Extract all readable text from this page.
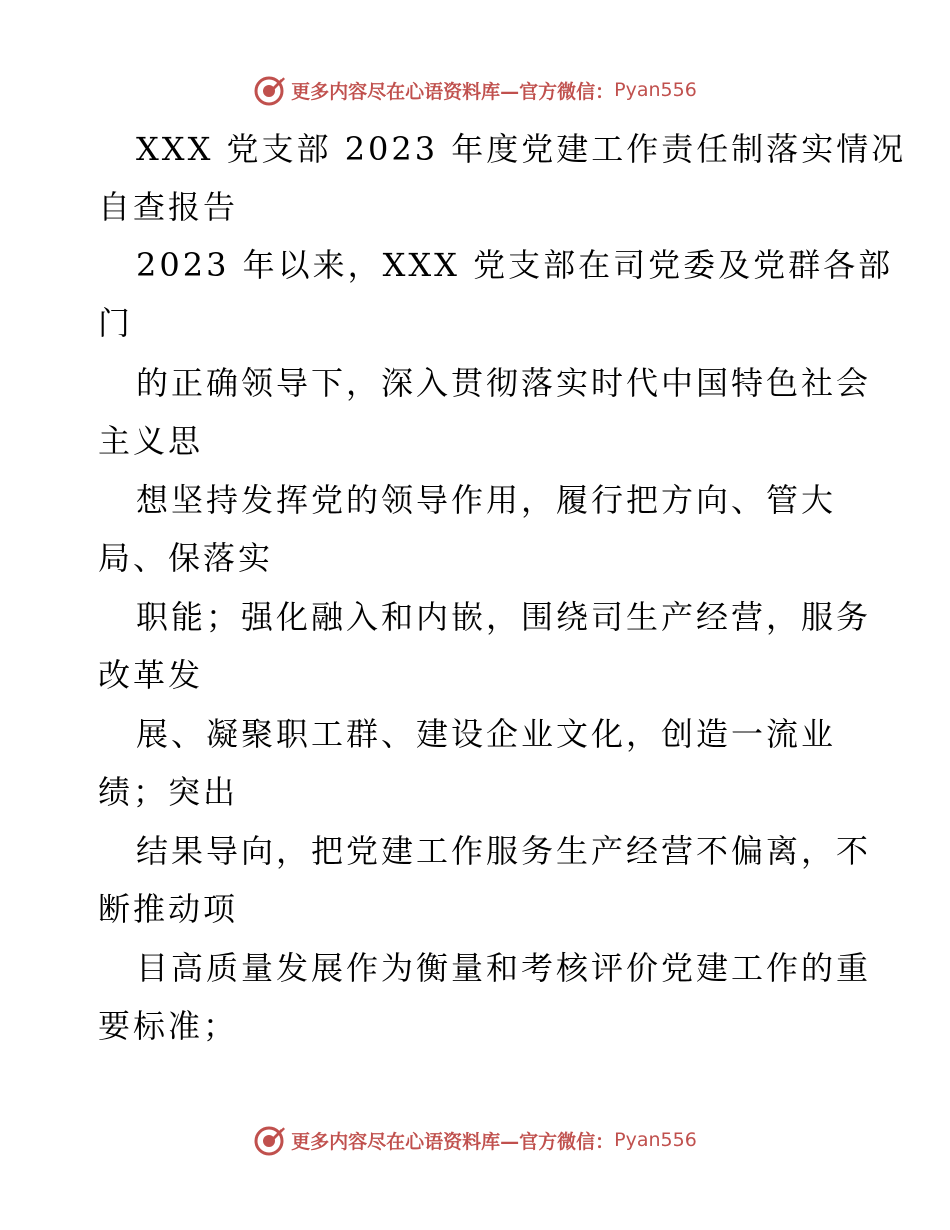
更多内容尽在心语资料库—官方微信： Pyan556
XXX 党支部 2023 年度党建工作责任制落实情况
自查报告
2023 年以来，XXX 党支部在司党委及党群各部
门
的正确领导下，深入贯彻落实时代中国特色社会
主义思
想坚持发挥党的领导作用，履行把方向、管大
局、保落实
职能；强化融入和内嵌，围绕司生产经营，服务
改革发
展、凝聚职工群、建设企业文化，创造一流业
绩；突出
结果导向，把党建工作服务生产经营不偏离，不
断推动项
目高质量发展作为衡量和考核评价党建工作的重
要标准；
更多内容尽在心语资料库—官方微信： Pyan556
